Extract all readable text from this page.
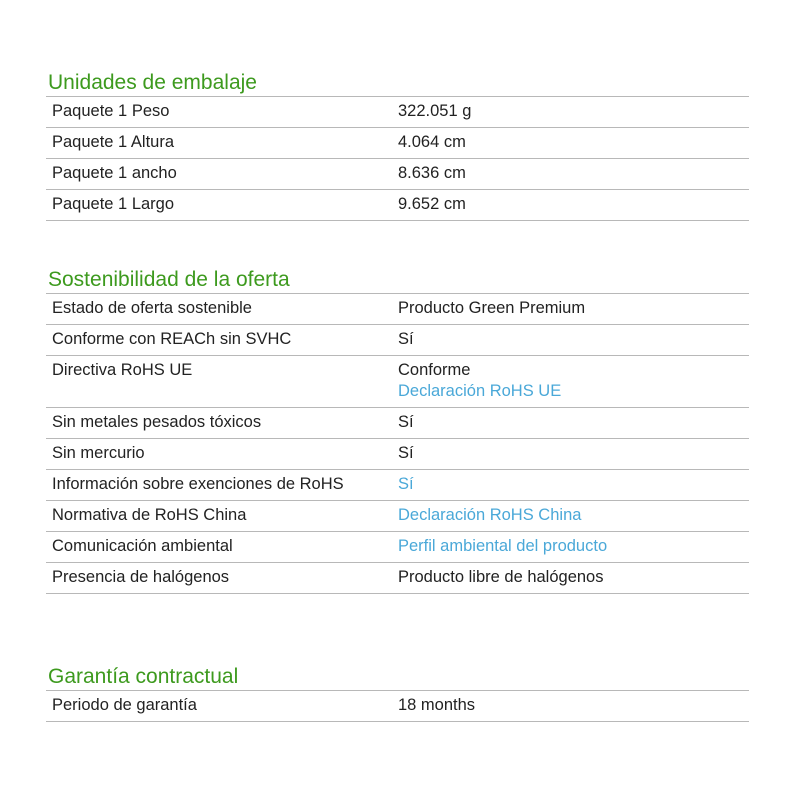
Unidades de embalaje
Paquete 1 Peso	322.051 g
Paquete 1 Altura	4.064 cm
Paquete 1 ancho	8.636 cm
Paquete 1 Largo	9.652 cm
Sostenibilidad de la oferta
Estado de oferta sostenible	Producto Green Premium
Conforme con REACh sin SVHC	Sí
Directiva RoHS UE	Conforme
Declaración RoHS UE
Sin metales pesados tóxicos	Sí
Sin mercurio	Sí
Información sobre exenciones de RoHS	Sí
Normativa de RoHS China	Declaración RoHS China
Comunicación ambiental	Perfil ambiental del producto
Presencia de halógenos	Producto libre de halógenos
Garantía contractual
Periodo de garantía	18 months
